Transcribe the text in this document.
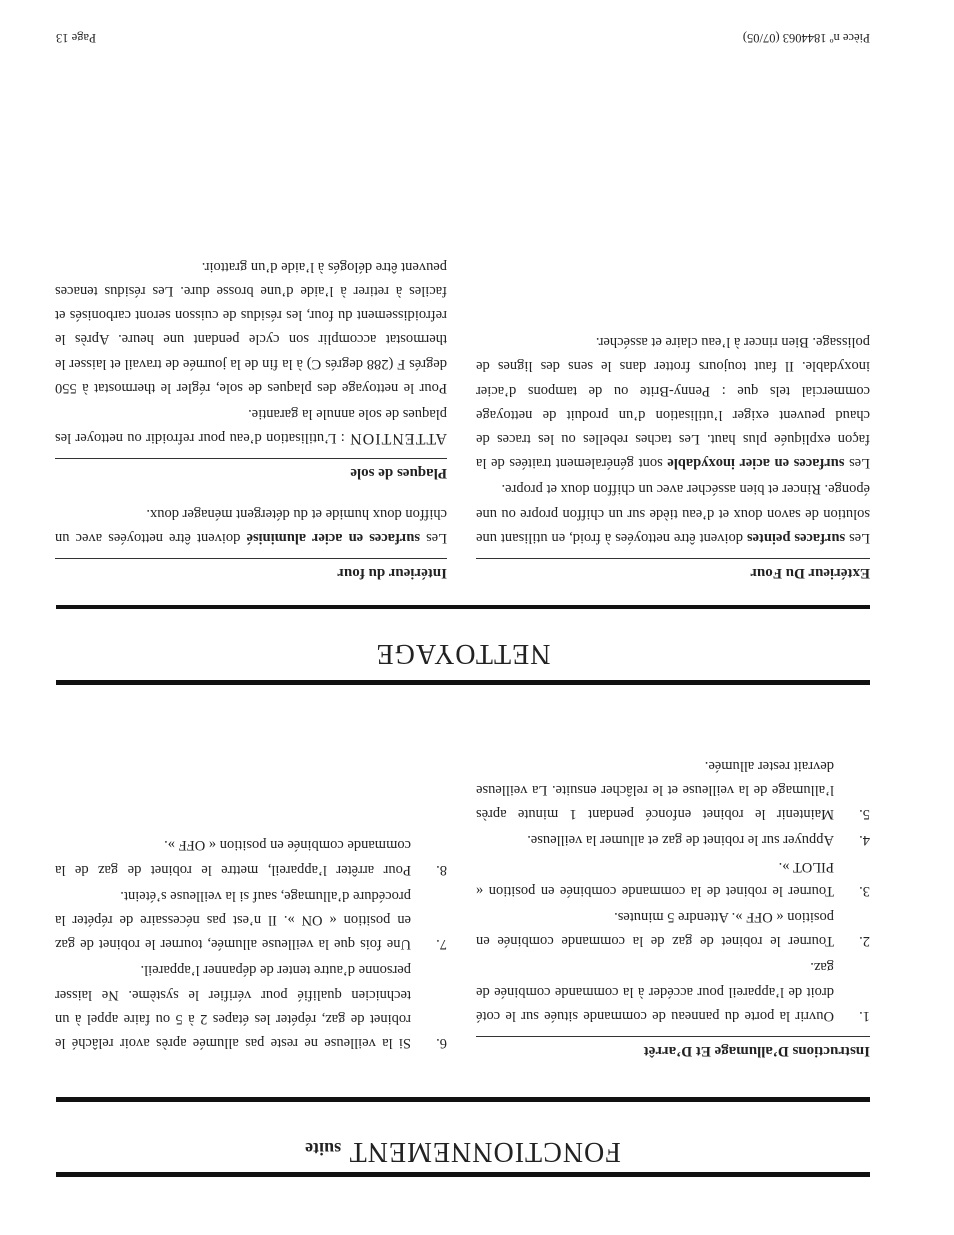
FONCTIONNEMENT suite
Instructions D’allumage Et D’arrêt
1.
Ouvrir la porte du panneau de commande située sur le coté droit de l’appareil pour accéder à la commande combinée de gaz.
2.
Tourner le robinet de gaz de la commande combinée en position « OFF ». Attendre 5 minutes.
3.
Tourner le robinet de la commande combinée en position « PILOT ».
4.
Appuyer sur le robinet de gaz et allumer la veilleuse.
5.
Maintenir le robinet enfoncé pendant 1 minute après l’allumage de la veilleuse et le relâcher ensuite. La veilleuse devrait rester allumée.
6.
Si la veilleuse ne reste pas allumée après avoir relâché le robinet de gaz, répéter les étapes 2 à 5 ou faire appel à un technicien qualifié pour vérifier le système. Ne laisser personne d’autre tenter de dépanner l’appareil.
7.
Une fois que la veilleuse allumée, tourner le robinet de gaz en position « ON ». Il n’est pas nécessaire de répéter la procédure d’allumage, sauf si la veilleuse s’éteint.
8.
Pour arrêter l’appareil, mettre le robinet de gaz de la commande combinée en position « OFF ».
NETTOYAGE
Extérieur Du Four

Les surfaces peintes doivent être nettoyées à froid, en utilisant une solution de savon doux et d’eau tiède sur un chiffon propre ou une éponge. Rincer et bien assécher avec un chiffon doux et propre.

Les surfaces en acier inoxydable sont généralement traitées de la façon expliquée plus haut. Les taches rebelles ou les traces de chaud peuvent exiger l’utilisation d’un produit de nettoyage commercial tels que : Penny-Brite ou de tampons d’acier inoxydable. Il faut toujours frotter dans le sens des lignes de polissage. Bien rincer à l’eau claire et assécher.

Intérieur du four

Les surfaces en acier aluminisé doivent être nettoyées avec un chiffon doux humide et du détergent ménager doux.

Plaques de sole

ATTENTION : L’utilisation d’eau pour refroidir ou nettoyer les plaques de sole annule la garantie.

Pour le nettoyage des plaques de sole, régler le thermostat à 550 degrés F (288 degrés C) à la fin de la journée de travail et laisser le thermostat accomplir son cycle pendant une heure. Après le refroidissement du four, les résidus de cuisson seront carbonisés et faciles à retirer à l’aide d’une brosse dure. Les résidus tenaces peuvent être délogés à l’aide d’un grattoir.

Pièce nº 1844063 (07/05)
Page 13
